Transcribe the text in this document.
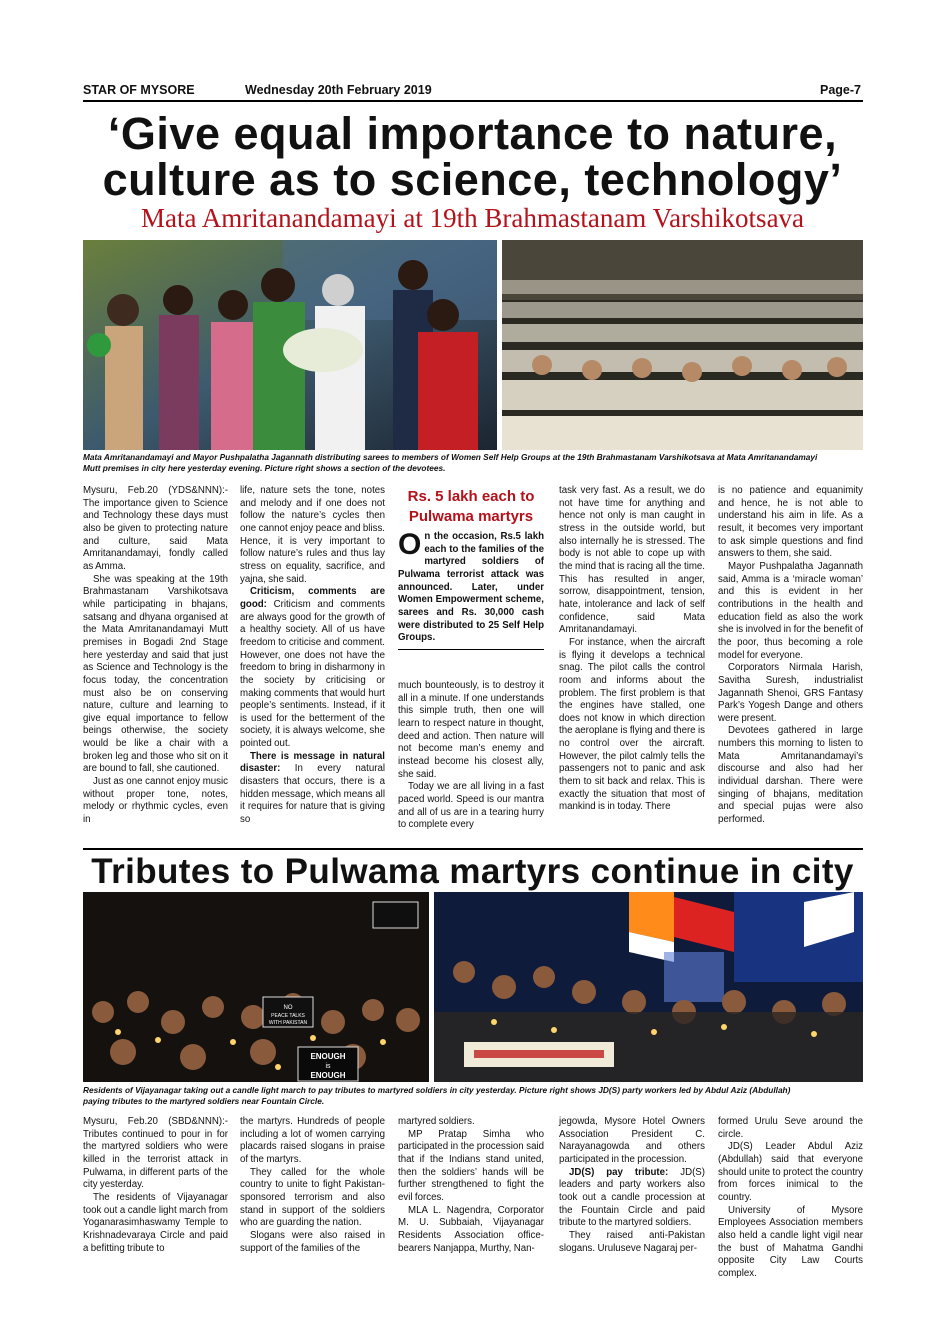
STAR OF MYSORE	Wednesday 20th February 2019	Page-7
‘Give equal importance to nature,
culture as to science, technology’
Mata Amritanandamayi at 19th Brahmastanam Varshikotsava
Mata Amritanandamayi and Mayor Pushpalatha Jagannath distributing sarees to members of Women Self Help Groups at the 19th Brahmastanam Varshikotsava at Mata Amritanandamayi
Mutt premises in city here yesterday evening. Picture right shows a section of the devotees.

Mysuru, Feb.20 (YDS&NNN):- The importance given to Science and Technology these days must also be given to protecting nature and culture, said Mata Amritanandamayi, fondly called as Amma.

She was speaking at the 19th Brahmastanam Varshikotsava while participating in bhajans, satsang and dhyana organised at the Mata Amritanandamayi Mutt premises in Bogadi 2nd Stage here yesterday and said that just as Science and Technology is the focus today, the concentration must also be on conserving nature, culture and learning to give equal importance to fellow beings otherwise, the society would be like a chair with a broken leg and those who sit on it are bound to fall, she cautioned.

Just as one cannot enjoy music without proper tone, notes, melody or rhythmic cycles, even in

life, nature sets the tone, notes and melody and if one does not follow the nature’s cycles then one cannot enjoy peace and bliss. Hence, it is very important to follow nature’s rules and thus lay stress on equality, sacrifice, and yajna, she said.

Criticism, comments are good: Criticism and comments are always good for the growth of a healthy society. All of us have freedom to criticise and comment. However, one does not have the freedom to bring in disharmony in the society by criticising or making comments that would hurt people’s sentiments. Instead, if it is used for the betterment of the society, it is always welcome, she pointed out.

There is message in natural disaster: In every natural disasters that occurs, there is a hidden message, which means all it requires for nature that is giving so

Rs. 5 lakh each to
Pulwama martyrs
On the occasion, Rs.5 lakh each to the families of the martyred soldiers of Pulwama terrorist attack was announced. Later, under Women Empowerment scheme, sarees and Rs. 30,000 cash were distributed to 25 Self Help Groups.

much bounteously, is to destroy it all in a minute. If one understands this simple truth, then one will learn to respect nature in thought, deed and action. Then nature will not become man’s enemy and instead become his closest ally, she said.

Today we are all living in a fast paced world. Speed is our mantra and all of us are in a tearing hurry to complete every

task very fast. As a result, we do not have time for anything and hence not only is man caught in stress in the outside world, but also internally he is stressed. The body is not able to cope up with the mind that is racing all the time. This has resulted in anger, sorrow, disappointment, tension, hate, intolerance and lack of self confidence, said Mata Amritanandamayi.

For instance, when the aircraft is flying it develops a technical snag. The pilot calls the control room and informs about the problem. The first problem is that the engines have stalled, one does not know in which direction the aeroplane is flying and there is no control over the aircraft. However, the pilot calmly tells the passengers not to panic and ask them to sit back and relax. This is exactly the situation that most of mankind is in today. There

is no patience and equanimity and hence, he is not able to understand his aim in life. As a result, it becomes very important to ask simple questions and find answers to them, she said.

Mayor Pushpalatha Jagannath said, Amma is a ‘miracle woman’ and this is evident in her contributions in the health and education field as also the work she is involved in for the benefit of the poor, thus becoming a role model for everyone.

Corporators Nirmala Harish, Savitha Suresh, industrialist Jagannath Shenoi, GRS Fantasy Park’s Yogesh Dange and others were present.

Devotees gathered in large numbers this morning to listen to Mata Amritanandamayi’s discourse and also had her individual darshan. There were singing of bhajans, meditation and special pujas were also performed.

Tributes to Pulwama martyrs continue in city
ENOUGH
is
ENOUGH
NO
PEACE TALKS
WITH PAKISTAN
Residents of Vijayanagar taking out a candle light march to pay tributes to martyred soldiers in city yesterday. Picture right shows JD(S) party workers led by Abdul Aziz (Abdullah)
paying tributes to the martyred soldiers near Fountain Circle.

Mysuru, Feb.20 (SBD&NNN):- Tributes continued to pour in for the martyred soldiers who were killed in the terrorist attack in Pulwama, in different parts of the city yesterday.

The residents of Vijayanagar took out a candle light march from Yoganarasimhaswamy Temple to Krishnadevaraya Circle and paid a befitting tribute to

the martyrs. Hundreds of people including a lot of women carrying placards raised slogans in praise of the martyrs.

They called for the whole country to unite to fight Pakistan-sponsored terrorism and also stand in support of the soldiers who are guarding the nation.

Slogans were also raised in support of the families of the

martyred soldiers.

MP Pratap Simha who participated in the procession said that if the Indians stand united, then the soldiers’ hands will be further strengthened to fight the evil forces.

MLA L. Nagendra, Corporator M. U. Subbaiah, Vijayanagar Residents Association office-bearers Nanjappa, Murthy, Nan-

jegowda, Mysore Hotel Owners Association President C. Narayanagowda and others participated in the procession.

JD(S) pay tribute: JD(S) leaders and party workers also took out a candle procession at the Fountain Circle and paid tribute to the martyred soldiers.

They raised anti-Pakistan slogans. Uruluseve Nagaraj per-

formed Urulu Seve around the circle.

JD(S) Leader Abdul Aziz (Abdullah) said that everyone should unite to protect the country from forces inimical to the country.

University of Mysore Employees Association members also held a candle light vigil near the bust of Mahatma Gandhi opposite City Law Courts complex.
